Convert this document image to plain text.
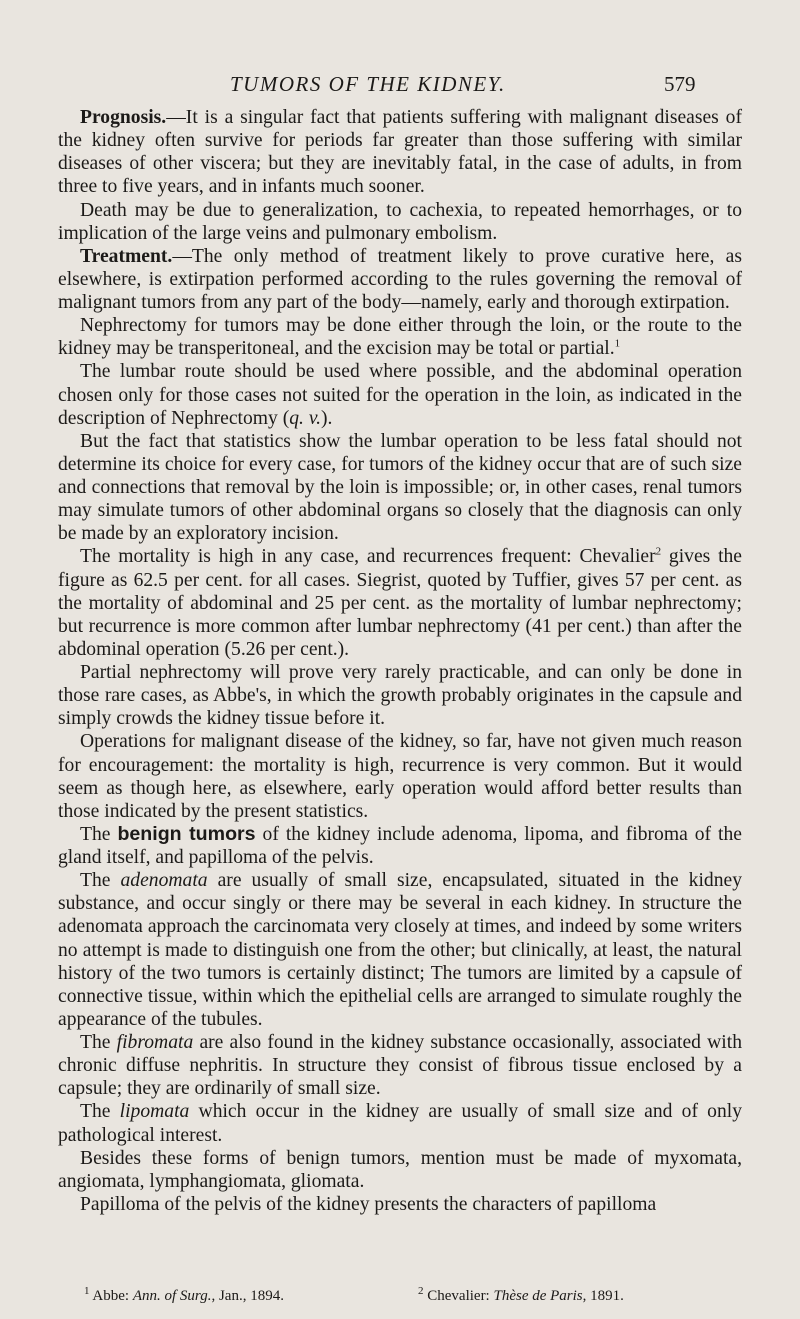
TUMORS OF THE KIDNEY.	579

Prognosis.—It is a singular fact that patients suffering with malignant diseases of the kidney often survive for periods far greater than those suffering with similar diseases of other viscera; but they are inevitably fatal, in the case of adults, in from three to five years, and in infants much sooner.

Death may be due to generalization, to cachexia, to repeated hemorrhages, or to implication of the large veins and pulmonary embolism.

Treatment.—The only method of treatment likely to prove curative here, as elsewhere, is extirpation performed according to the rules governing the removal of malignant tumors from any part of the body—namely, early and thorough extirpation.

Nephrectomy for tumors may be done either through the loin, or the route to the kidney may be transperitoneal, and the excision may be total or partial.$^1$

The lumbar route should be used where possible, and the abdominal operation chosen only for those cases not suited for the operation in the loin, as indicated in the description of Nephrectomy (q. v.).

But the fact that statistics show the lumbar operation to be less fatal should not determine its choice for every case, for tumors of the kidney occur that are of such size and connections that removal by the loin is impossible; or, in other cases, renal tumors may simulate tumors of other abdominal organs so closely that the diagnosis can only be made by an exploratory incision.

The mortality is high in any case, and recurrences frequent: Chevalier$^2$ gives the figure as 62.5 per cent. for all cases. Siegrist, quoted by Tuffier, gives 57 per cent. as the mortality of abdominal and 25 per cent. as the mortality of lumbar nephrectomy; but recurrence is more common after lumbar nephrectomy (41 per cent.) than after the abdominal operation (5.26 per cent.).

Partial nephrectomy will prove very rarely practicable, and can only be done in those rare cases, as Abbe's, in which the growth probably originates in the capsule and simply crowds the kidney tissue before it.

Operations for malignant disease of the kidney, so far, have not given much reason for encouragement: the mortality is high, recurrence is very common. But it would seem as though here, as elsewhere, early operation would afford better results than those indicated by the present statistics.

The benign tumors of the kidney include adenoma, lipoma, and fibroma of the gland itself, and papilloma of the pelvis.

The adenomata are usually of small size, encapsulated, situated in the kidney substance, and occur singly or there may be several in each kidney. In structure the adenomata approach the carcinomata very closely at times, and indeed by some writers no attempt is made to distinguish one from the other; but clinically, at least, the natural history of the two tumors is certainly distinct; The tumors are limited by a capsule of connective tissue, within which the epithelial cells are arranged to simulate roughly the appearance of the tubules.

The fibromata are also found in the kidney substance occasionally, associated with chronic diffuse nephritis. In structure they consist of fibrous tissue enclosed by a capsule; they are ordinarily of small size.

The lipomata which occur in the kidney are usually of small size and of only pathological interest.

Besides these forms of benign tumors, mention must be made of myxomata, angiomata, lymphangiomata, gliomata.

Papilloma of the pelvis of the kidney presents the characters of papilloma

$^1$ Abbe: Ann. of Surg., Jan., 1894.	$^2$ Chevalier: Thèse de Paris, 1891.
